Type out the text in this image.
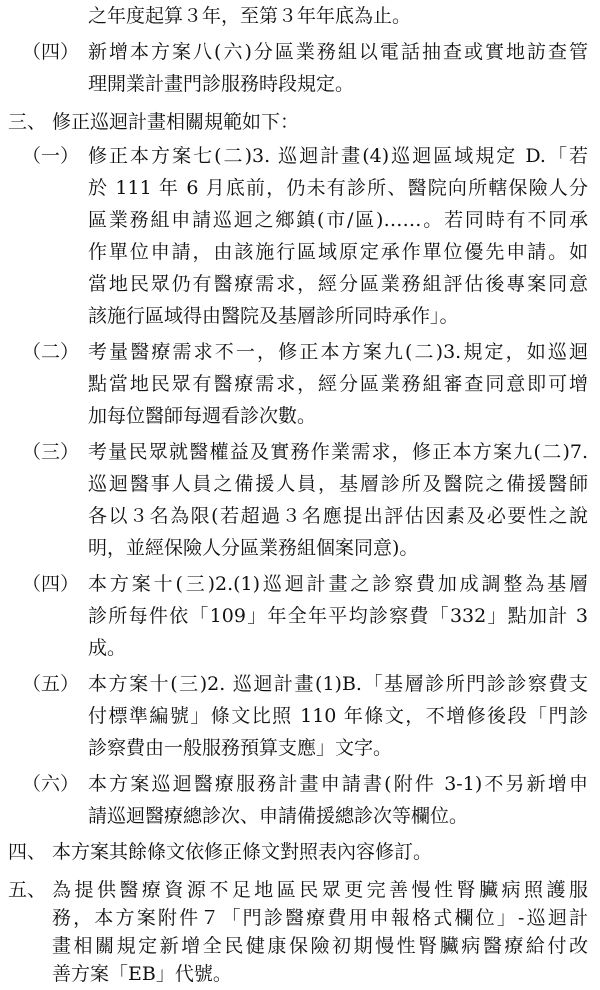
之年度起算３年，至第３年年底為止。
（四） 新增本方案八(六)分區業務組以電話抽查或實地訪查管
理開業計畫門診服務時段規定。
三、 修正巡迴計畫相關規範如下：
（一） 修正本方案七(二)3. 巡迴計畫(4)巡迴區域規定 D.「若
於 111 年 6 月底前，仍未有診所、醫院向所轄保險人分
區業務組申請巡迴之鄉鎮(市/區)……。若同時有不同承
作單位申請，由該施行區域原定承作單位優先申請。如
當地民眾仍有醫療需求，經分區業務組評估後專案同意
該施行區域得由醫院及基層診所同時承作」。
（二） 考量醫療需求不一，修正本方案九(二)3.規定，如巡迴
點當地民眾有醫療需求，經分區業務組審查同意即可增
加每位醫師每週看診次數。
（三） 考量民眾就醫權益及實務作業需求，修正本方案九(二)7.
巡迴醫事人員之備援人員，基層診所及醫院之備援醫師
各以３名為限(若超過３名應提出評估因素及必要性之說
明，並經保險人分區業務組個案同意)。
（四） 本方案十(三)2.(1)巡迴計畫之診察費加成調整為基層
診所每件依「109」年全年平均診察費「332」點加計 3
成。
（五） 本方案十(三)2. 巡迴計畫(1)B.「基層診所門診診察費支
付標準編號」條文比照 110 年條文，不增修後段「門診
診察費由一般服務預算支應」文字。
（六） 本方案巡迴醫療服務計畫申請書(附件 3-1)不另新增申
請巡迴醫療總診次、申請備援總診次等欄位。
四、 本方案其餘條文依修正條文對照表內容修訂。
五、 為提供醫療資源不足地區民眾更完善慢性腎臟病照護服
務，本方案附件７「門診醫療費用申報格式欄位」-巡迴計
畫相關規定新增全民健康保險初期慢性腎臟病醫療給付改
善方案「EB」代號。
